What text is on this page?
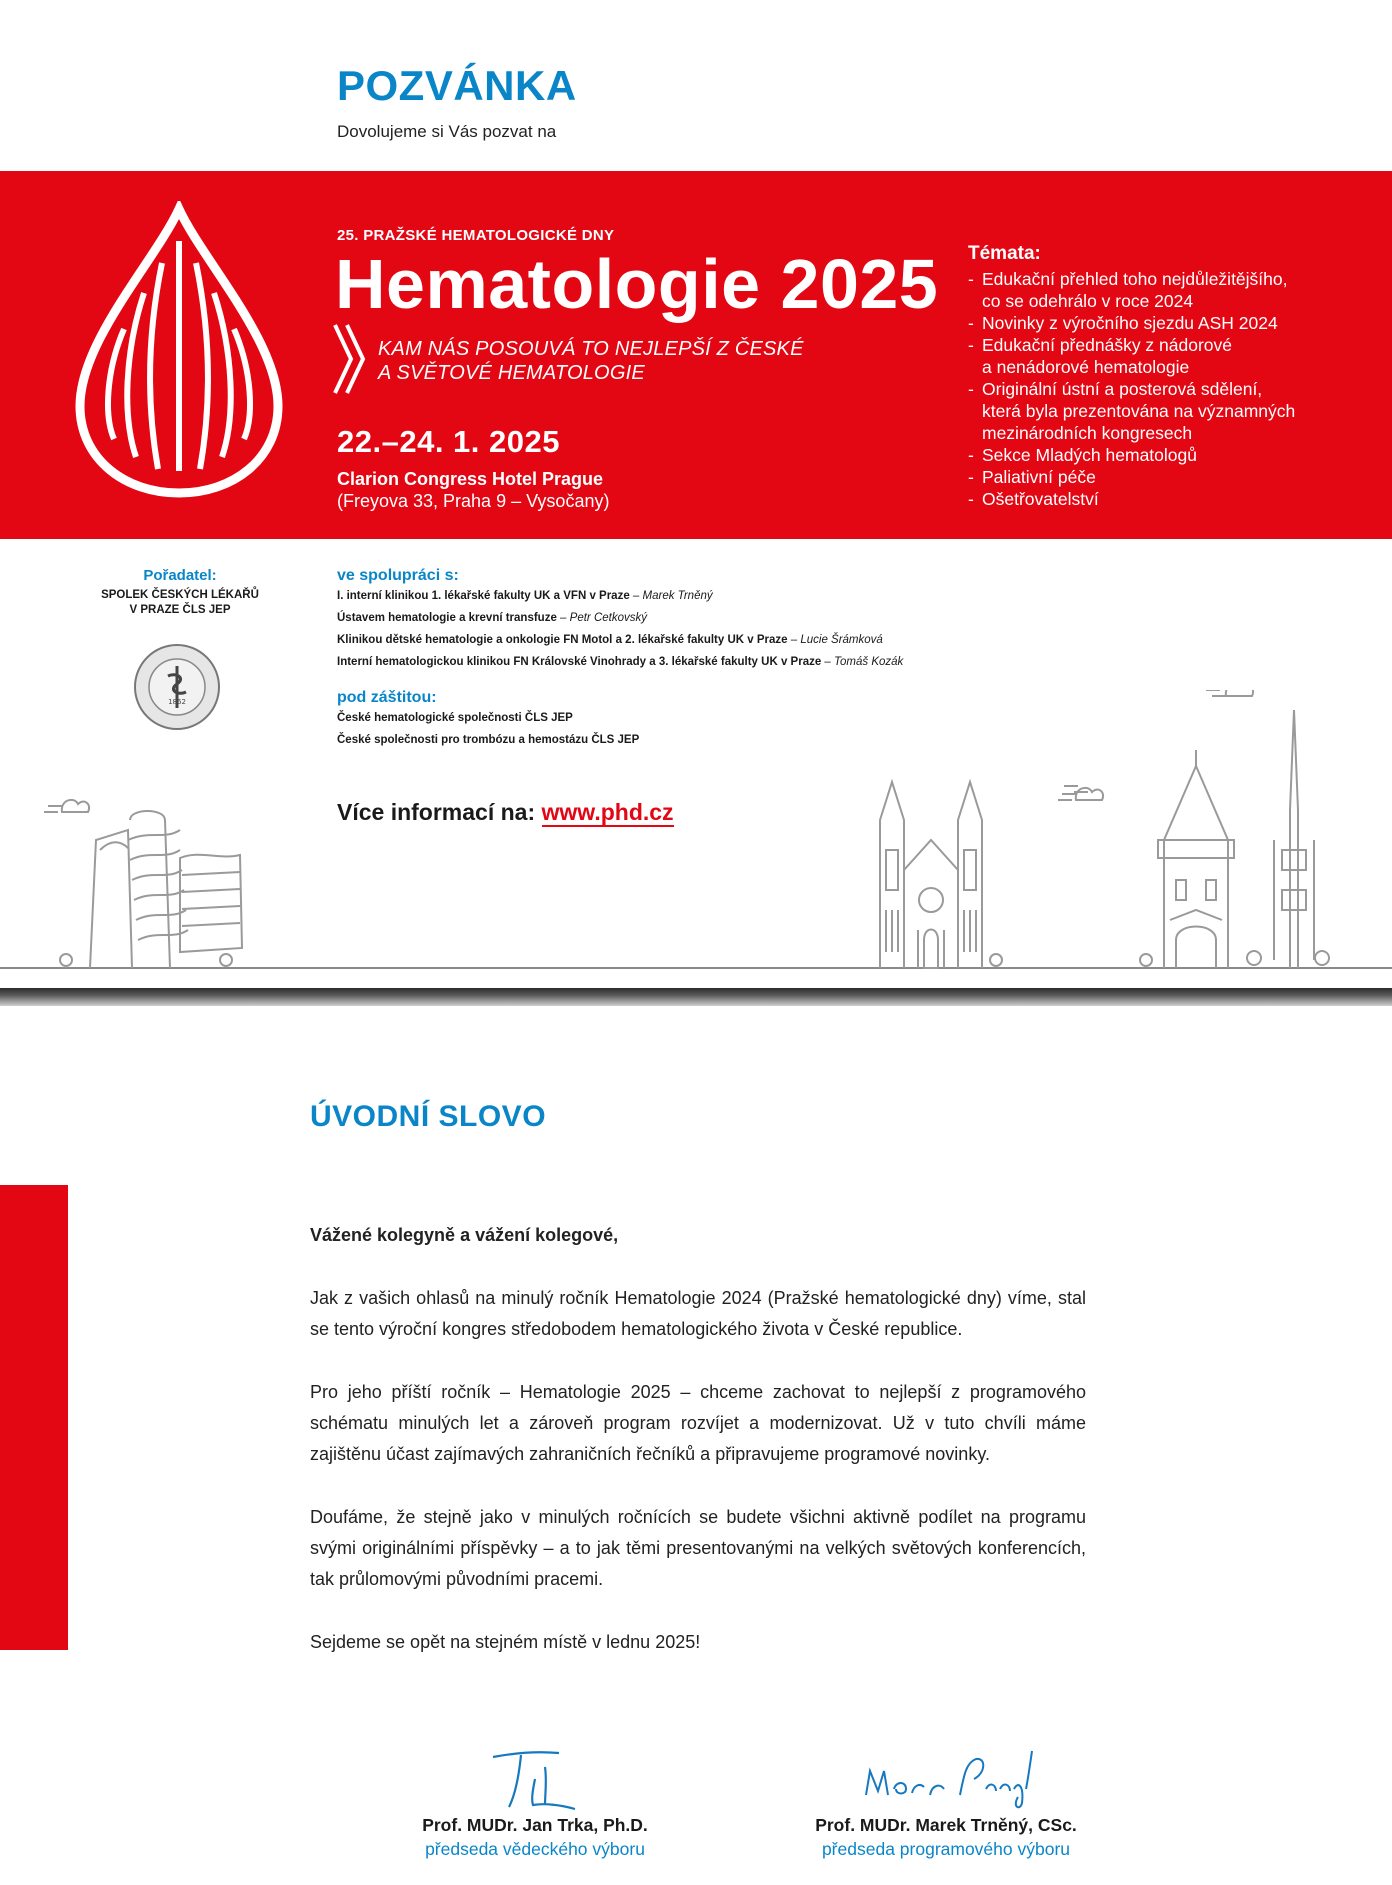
POZVÁNKA
Dovolujeme si Vás pozvat na
25. PRAŽSKÉ HEMATOLOGICKÉ DNY
Hematologie 2025
KAM NÁS POSOUVÁ TO NEJLEPŠÍ Z ČESKÉ
A SVĚTOVÉ HEMATOLOGIE
22.–24. 1. 2025
Clarion Congress Hotel Prague
(Freyova 33, Praha 9 – Vysočany)
Témata:
- Edukační přehled toho nejdůležitějšího,
co se odehrálo v roce 2024
- Novinky z výročního sjezdu ASH 2024
- Edukační přednášky z nádorové
a nenádorové hematologie
- Originální ústní a posterová sdělení,
která byla prezentována na významných
mezinárodních kongresech
- Sekce Mladých hematologů
- Paliativní péče
- Ošetřovatelství
Pořadatel:
SPOLEK ČESKÝCH LÉKAŘŮ
V PRAZE ČLS JEP
1862
ve spolupráci s:
I. interní klinikou 1. lékařské fakulty UK a VFN v Praze – Marek Trněný
Ústavem hematologie a krevní transfuze – Petr Cetkovský
Klinikou dětské hematologie a onkologie FN Motol a 2. lékařské fakulty UK v Praze – Lucie Šrámková
Interní hematologickou klinikou FN Královské Vinohrady a 3. lékařské fakulty UK v Praze – Tomáš Kozák
pod záštitou:
České hematologické společnosti ČLS JEP
České společnosti pro trombózu a hemostázu ČLS JEP
Více informací na: www.phd.cz
ÚVODNÍ SLOVO

Vážené kolegyně a vážení kolegové,

Jak z vašich ohlasů na minulý ročník Hematologie 2024 (Pražské hematologické dny) víme, stal se tento výroční kongres středobodem hematologického života v České republice.

Pro jeho příští ročník – Hematologie 2025 – chceme zachovat to nejlepší z programového schématu minulých let a zároveň program rozvíjet a modernizovat. Už v tuto chvíli máme zajištěnu účast zajímavých zahraničních řečníků a připravujeme programové novinky.

Doufáme, že stejně jako v minulých ročnících se budete všichni aktivně podílet na programu svými originálními příspěvky – a to jak těmi presentovanými na velkých světových konferencích, tak průlomovými původními pracemi.

Sejdeme se opět na stejném místě v lednu 2025!

Prof. MUDr. Jan Trka, Ph.D.
předseda vědeckého výboru
Prof. MUDr. Marek Trněný, CSc.
předseda programového výboru
